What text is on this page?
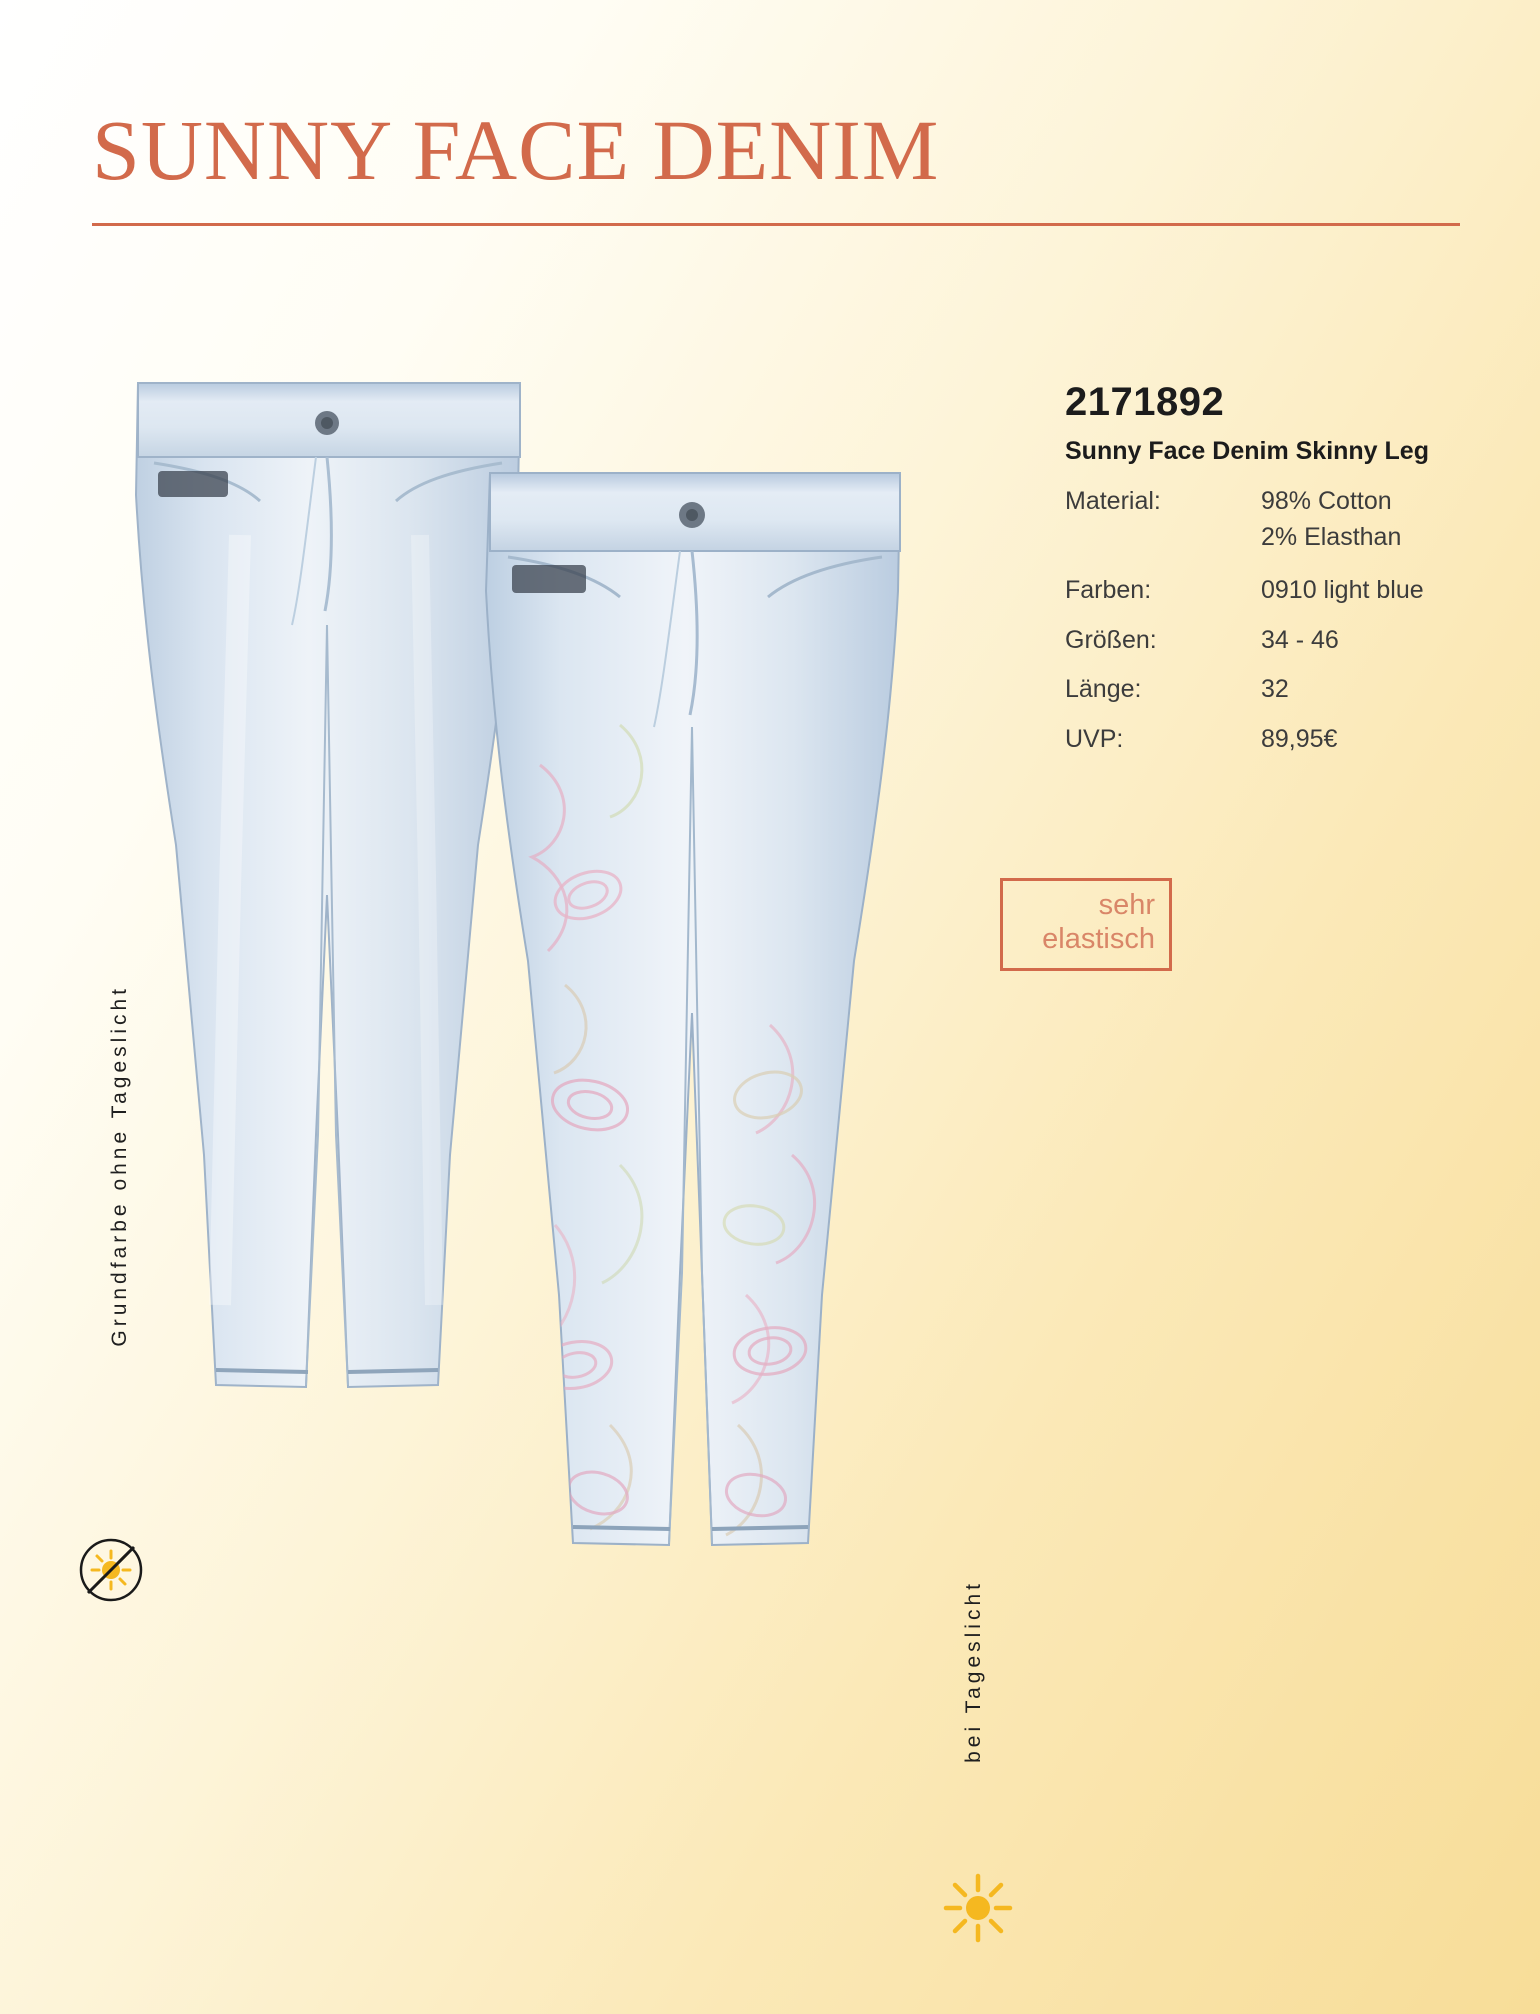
SUNNY FACE DENIM
2171892
Sunny Face Denim Skinny Leg
Material:	98% Cotton
2% Elasthan
Farben:	0910 light blue
Größen:	34 - 46
Länge:	32
UVP:	89,95€
sehr
elastisch
Grundfarbe ohne Tageslicht
bei Tageslicht
